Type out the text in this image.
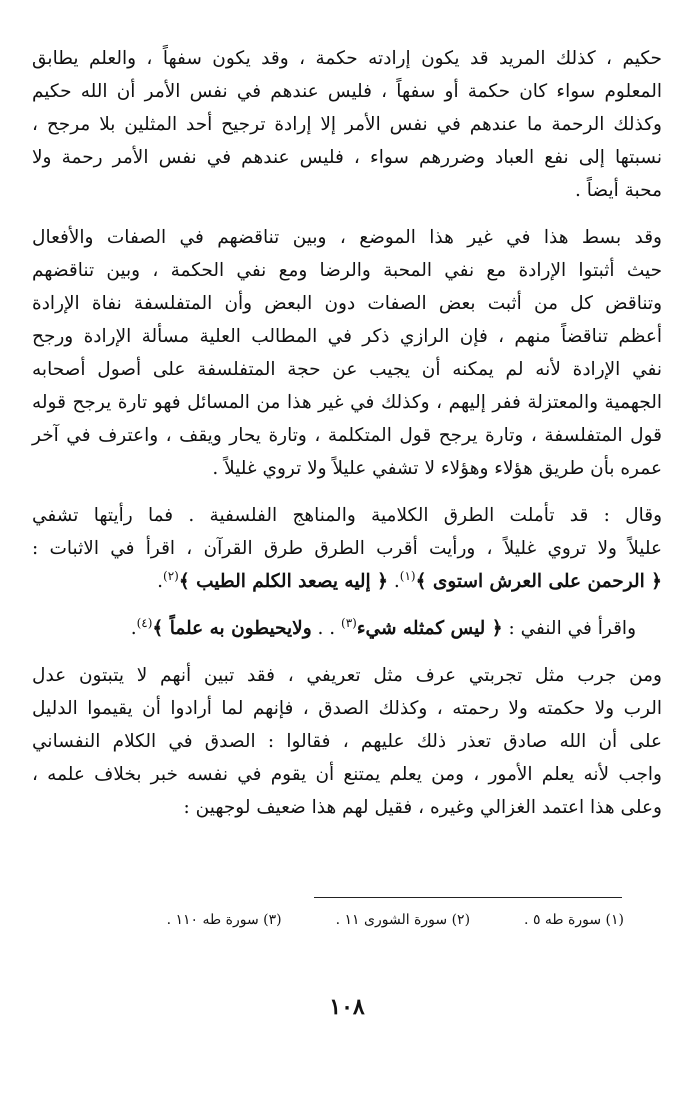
حكيم ، كذلك المريد قد يكون إرادته حكمة ، وقد يكون سفهاً ، والعلم يطابق

المعلوم سواء كان حكمة أو سفهاً ، فليس عندهم في نفس الأمر أن الله حكيم

وكذلك الرحمة ما عندهم في نفس الأمر إلا إرادة ترجيح أحد المثلين بلا مرجح ،

نسبتها إلى نفع العباد وضررهم سواء ، فليس عندهم في نفس الأمر رحمة ولا

محبة أيضاً .

وقد بسط هذا في غير هذا الموضع ، وبين تناقضهم في الصفات والأفعال

حيث أثبتوا الإرادة مع نفي المحبة والرضا ومع نفي الحكمة ، وبين تناقضهم

وتناقض كل من أثبت بعض الصفات دون البعض وأن المتفلسفة نفاة الإرادة

أعظم تناقضاً منهم ، فإن الرازي ذكر في المطالب العلية مسألة الإرادة ورجح

نفي الإرادة لأنه لم يمكنه أن يجيب عن حجة المتفلسفة على أصول أصحابه

الجهمية والمعتزلة ففر إليهم ، وكذلك في غير هذا من المسائل فهو تارة يرجح قوله

قول المتفلسفة ، وتارة يرجح قول المتكلمة ، وتارة يحار ويقف ، واعترف في آخر

عمره بأن طريق هؤلاء وهؤلاء لا تشفي عليلاً ولا تروي غليلاً .

وقال : قد تأملت الطرق الكلامية والمناهج الفلسفية . فما رأيتها تشفي

عليلاً ولا تروي غليلاً ، ورأيت أقرب الطرق طرق القرآن ، اقرأ في الاثبات :

﴿ الرحمن على العرش استوى ﴾$^{(١)}$. ﴿ إليه يصعد الكلم الطيب ﴾$^{(٢)}$.
واقرأ في النفي : ﴿ ليس كمثله شيء$^{(٣)}$ . . ولايحيطون به علماً ﴾$^{(٤)}$.

ومن جرب مثل تجربتي عرف مثل تعريفي ، فقد تبين أنهم لا يتبتون عدل

الرب ولا حكمته ولا رحمته ، وكذلك الصدق ، فإنهم لما أرادوا أن يقيموا الدليل

على أن الله صادق تعذر ذلك عليهم ، فقالوا : الصدق في الكلام النفساني

واجب لأنه يعلم الأمور ، ومن يعلم يمتنع أن يقوم في نفسه خبر بخلاف علمه ،

وعلى هذا اعتمد الغزالي وغيره ، فقيل لهم هذا ضعيف لوجهين :

(١) سورة طه ٥ .
(٢) سورة الشورى ١١ .
(٣) سورة طه ١١٠ .
١٠٨
